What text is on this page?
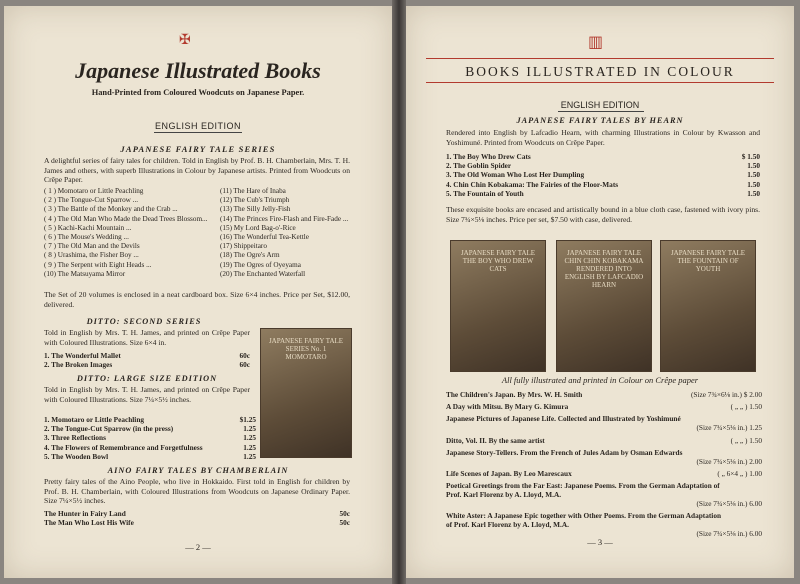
✠
Japanese Illustrated Books
Hand-Printed from Coloured Woodcuts on Japanese Paper.
ENGLISH EDITION
JAPANESE FAIRY TALE SERIES
A delightful series of fairy tales for children. Told in English by Prof. B. H. Chamberlain, Mrs. T. H. James and others, with superb Illustrations in Colour by Japanese artists. Printed from Woodcuts on Crêpe Paper.
( 1 ) Momotaro or Little Peachling
( 2 ) The Tongue-Cut Sparrow ...
( 3 ) The Battle of the Monkey and the Crab ...
( 4 ) The Old Man Who Made the Dead Trees Blossom...
( 5 ) Kachi-Kachi Mountain ...
( 6 ) The Mouse's Wedding ...
( 7 ) The Old Man and the Devils
( 8 ) Urashima, the Fisher Boy ...
( 9 ) The Serpent with Eight Heads ...
(10) The Matsuyama Mirror
(11) The Hare of Inaba
(12) The Cub's Triumph
(13) The Silly Jelly-Fish
(14) The Princes Fire-Flash and Fire-Fade ...
(15) My Lord Bag-o'-Rice
(16) The Wonderful Tea-Kettle
(17) Shippeitaro
(18) The Ogre's Arm
(19) The Ogres of Oyeyama
(20) The Enchanted Waterfall
The Set of 20 volumes is enclosed in a neat cardboard box. Size 6×4 inches. Price per Set, $12.00, delivered.
DITTO: SECOND SERIES
Told in English by Mrs. T. H. James, and printed on Crêpe Paper with Coloured Illustrations. Size 6×4 in.
1. The Wonderful Mallet	60c
2. The Broken Images	60c
JAPANESE FAIRY TALE SERIES No. 1 MOMOTARO
DITTO: LARGE SIZE EDITION
Told in English by Mrs. T. H. James, and printed on Crêpe Paper with Coloured Illustrations. Size 7¼×5½ inches.
1. Momotaro or Little Peachling	$1.25
2. The Tongue-Cut Sparrow (in the press)	1.25
3. Three Reflections	1.25
4. The Flowers of Remembrance and Forgetfulness	1.25
5. The Wooden Bowl	1.25
AINO FAIRY TALES BY CHAMBERLAIN
Pretty fairy tales of the Aino People, who live in Hokkaido. First told in English for children by Prof. B. H. Chamberlain, with Coloured Illustrations from Woodcuts on Japanese Ordinary Paper. Size 7¼×5½ inches.
The Hunter in Fairy Land	50c
The Man Who Lost His Wife	50c
— 2 —
▥
BOOKS ILLUSTRATED IN COLOUR
ENGLISH EDITION
JAPANESE FAIRY TALES BY HEARN
Rendered into English by Lafcadio Hearn, with charming Illustrations in Colour by Kwasson and Yoshimuné. Printed from Woodcuts on Crêpe Paper.
1. The Boy Who Drew Cats	$ 1.50
2. The Goblin Spider	1.50
3. The Old Woman Who Lost Her Dumpling	1.50
4. Chin Chin Kobakama: The Fairies of the Floor-Mats	1.50
5. The Fountain of Youth	1.50
These exquisite books are encased and artistically bound in a blue cloth case, fastened with ivory pins. Size 7¾×5⅛ inches. Price per set, $7.50 with case, delivered.
JAPANESE FAIRY TALE THE BOY WHO DREW CATS
JAPANESE FAIRY TALE CHIN CHIN KOBAKAMA RENDERED INTO ENGLISH BY LAFCADIO HEARN
JAPANESE FAIRY TALE THE FOUNTAIN OF YOUTH
All fully illustrated and printed in Colour on Crêpe paper
The Children's Japan. By Mrs. W. H. Smith	(Size 7¾×6⅛ in.) $ 2.00
A Day with Mitsu. By Mary G. Kimura	( „ „ ) 1.50
Japanese Pictures of Japanese Life. Collected and Illustrated by Yoshimuné
(Size 7¾×5⅛ in.) 1.25
Ditto, Vol. II. By the same artist	( „ „ ) 1.50
Japanese Story-Tellers. From the French of Jules Adam by Osman Edwards
(Size 7¾×5⅛ in.) 2.00
Life Scenes of Japan. By Leo Marescaux	( „ 6×4 „ ) 1.00
Poetical Greetings from the Far East: Japanese Poems. From the German Adaptation of Prof. Karl Florenz by A. Lloyd, M.A.
(Size 7¾×5⅛ in.) 6.00
White Aster: A Japanese Epic together with Other Poems. From the German Adaptation of Prof. Karl Florenz by A. Lloyd, M.A.
(Size 7¾×5⅛ in.) 6.00
— 3 —
